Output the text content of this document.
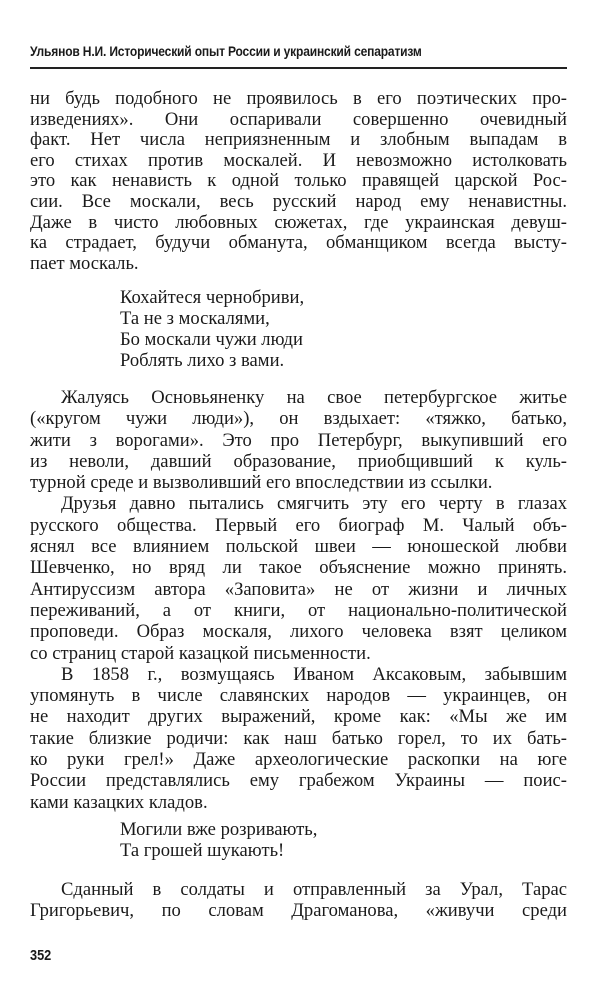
Ульянов Н.И. Исторический опыт России и украинский сепаратизм
ни будь подобного не проявилось в его поэтических про-
изведениях». Они оспаривали совершенно очевидный
факт. Нет числа неприязненным и злобным выпадам в
его стихах против москалей. И невозможно истолковать
это как ненависть к одной только правящей царской Рос-
сии. Все москали, весь русский народ ему ненавистны.
Даже в чисто любовных сюжетах, где украинская девуш-
ка страдает, будучи обманута, обманщиком всегда высту-
пает москаль.
Кохайтеся чернобриви,
Та не з москалями,
Бо москали чужи люди
Роблять лихо з вами.
Жалуясь Основьяненку на свое петербургское житье
(«кругом чужи люди»), он вздыхает: «тяжко, батько,
жити з ворогами». Это про Петербург, выкупивший его
из неволи, давший образование, приобщивший к куль-
турной среде и вызволивший его впоследствии из ссылки.
Друзья давно пытались смягчить эту его черту в глазах
русского общества. Первый его биограф М. Чалый объ-
яснял все влиянием польской швеи — юношеской любви
Шевченко, но вряд ли такое объяснение можно принять.
Антируссизм автора «Заповита» не от жизни и личных
переживаний, а от книги, от национально-политической
проповеди. Образ москаля, лихого человека взят целиком
со страниц старой казацкой письменности.
В 1858 г., возмущаясь Иваном Аксаковым, забывшим
упомянуть в числе славянских народов — украинцев, он
не находит других выражений, кроме как: «Мы же им
такие близкие родичи: как наш батько горел, то их бать-
ко руки грел!» Даже археологические раскопки на юге
России представлялись ему грабежом Украины — поис-
ками казацких кладов.
Могили вже розривають,
Та грошей шукають!
Сданный в солдаты и отправленный за Урал, Тарас
Григорьевич, по словам Драгоманова, «живучи среди
352
